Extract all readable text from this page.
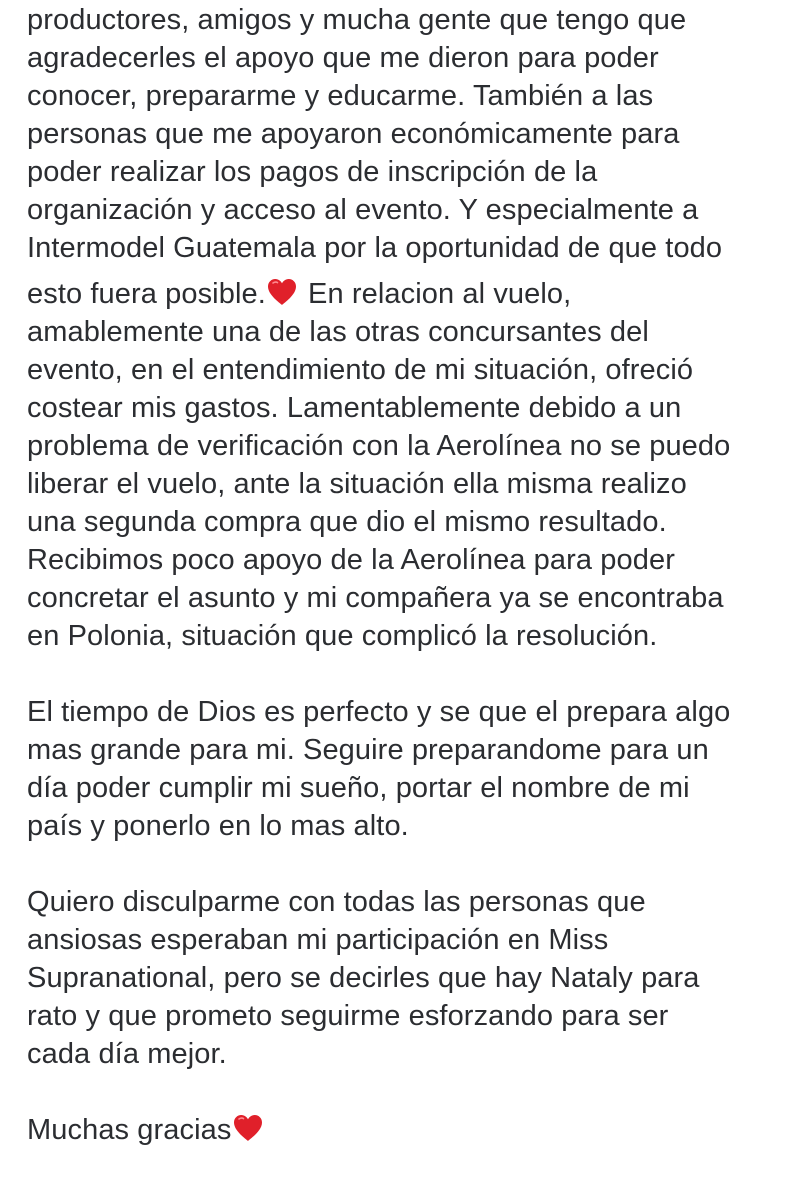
productores, amigos y mucha gente que tengo que
agradecerles el apoyo que me dieron para poder
conocer, prepararme y educarme. También a las
personas que me apoyaron económicamente para
poder realizar los pagos de inscripción de la
organización y acceso al evento. Y especialmente a
Intermodel Guatemala por la oportunidad de que todo
esto fuera posible.
En relacion al vuelo,
amablemente una de las otras concursantes del
evento, en el entendimiento de mi situación, ofreció
costear mis gastos. Lamentablemente debido a un
problema de verificación con la Aerolínea no se puedo
liberar el vuelo, ante la situación ella misma realizo
una segunda compra que dio el mismo resultado.
Recibimos poco apoyo de la Aerolínea para poder
concretar el asunto y mi compañera ya se encontraba
en Polonia, situación que complicó la resolución.
El tiempo de Dios es perfecto y se que el prepara algo
mas grande para mi. Seguire preparandome para un
día poder cumplir mi sueño, portar el nombre de mi
país y ponerlo en lo mas alto.
Quiero disculparme con todas las personas que
ansiosas esperaban mi participación en Miss
Supranational, pero se decirles que hay Nataly para
rato y que prometo seguirme esforzando para ser
cada día mejor.
Muchas gracias
